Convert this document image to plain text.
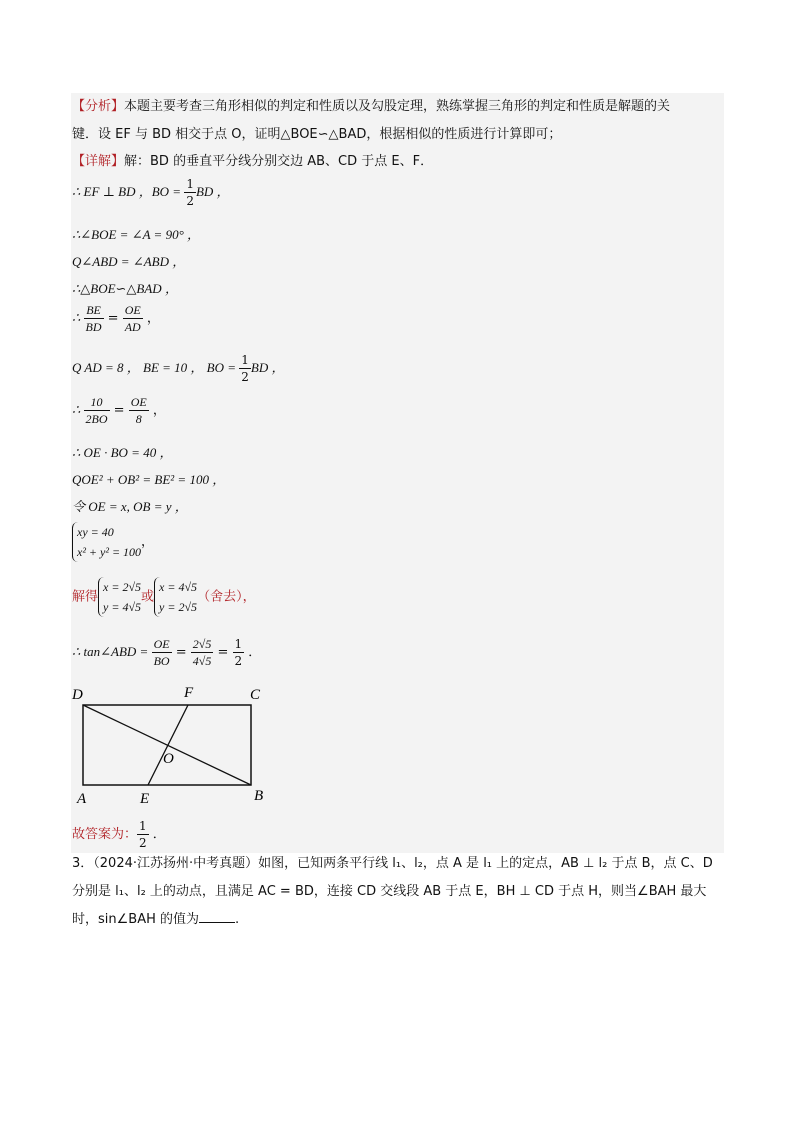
【分析】本题主要考查三角形相似的判定和性质以及勾股定理，熟练掌握三角形的判定和性质是解题的关
键．设 EF 与 BD 相交于点 O，证明△BOE∽△BAD，根据相似的性质进行计算即可；
【详解】解：BD 的垂直平分线分别交边 AB、CD 于点 E、F．
∴ EF ⊥ BD ，BO = $\frac{1}{2}$ BD ，
∴∠BOE = ∠A = 90° ，
Q∠ABD = ∠ABD ，
∴△BOE∽△BAD ，
∴ $\frac{BE}{BD} = \frac{OE}{AD}$ ，
Q AD = 8 ， BE = 10 ， BO = $\frac{1}{2}$ BD ，
∴ $\frac{10}{2BO} = \frac{OE}{8}$ ，
∴ OE · BO = 40 ，
QOE² + OB² = BE² = 100 ，
令 OE = x, OB = y ，
xy = 40
x² + y² = 100
，
解得
x = 2√5
y = 4√5
或
x = 4√5
y = 2√5
（舍去），
∴ tan∠ABD = $\frac{OE}{BO} = \frac{2√5}{4√5} = \frac{1}{2}$ ．
D	F	C
O
A	E	B
故答案为： $\frac{1}{2}$ ．
3．（2024·江苏扬州·中考真题）如图，已知两条平行线 l₁、l₂，点 A 是 l₁ 上的定点，AB ⊥ l₂ 于点 B，点 C、D
分别是 l₁、l₂ 上的动点，且满足 AC = BD，连接 CD 交线段 AB 于点 E，BH ⊥ CD 于点 H，则当∠BAH 最大
时，sin∠BAH 的值为	.
